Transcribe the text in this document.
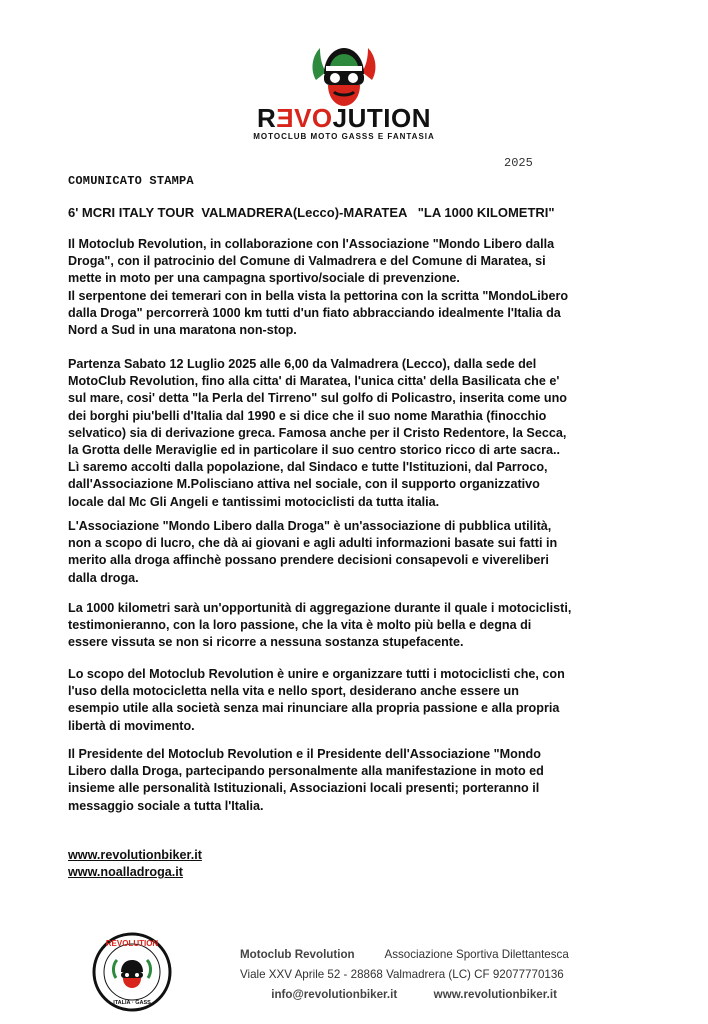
RƎVOJUTION
MOTOCLUB MOTO GASSS E FANTASIA
2025
COMUNICATO STAMPA
6' MCRI ITALY TOUR  VALMADRERA(Lecco)-MARATEA   "LA 1000 KILOMETRI"
Il Motoclub Revolution, in collaborazione con l'Associazione "Mondo Libero dalla
Droga", con il patrocinio del Comune di Valmadrera e del Comune di Maratea, si
mette in moto per una campagna sportivo/sociale di prevenzione.
Il serpentone dei temerari con in bella vista la pettorina con la scritta "MondoLibero
dalla Droga" percorrerà 1000 km tutti d'un fiato abbracciando idealmente l'Italia da
Nord a Sud in una maratona non-stop.
Partenza Sabato 12 Luglio 2025 alle 6,00 da Valmadrera (Lecco), dalla sede del
MotoClub Revolution, fino alla citta' di Maratea, l'unica citta' della Basilicata che e'
sul mare, cosi' detta "la Perla del Tirreno" sul golfo di Policastro, inserita come uno
dei borghi piu'belli d'Italia dal 1990 e si dice che il suo nome Marathia (finocchio
selvatico) sia di derivazione greca. Famosa anche per il Cristo Redentore, la Secca,
la Grotta delle Meraviglie ed in particolare il suo centro storico ricco di arte sacra..
Lì saremo accolti dalla popolazione, dal Sindaco e tutte l'Istituzioni, dal Parroco,
dall'Associazione M.Polisciano attiva nel sociale, con il supporto organizzativo
locale dal Mc Gli Angeli e tantissimi motociclisti da tutta italia.
L'Associazione "Mondo Libero dalla Droga" è un'associazione di pubblica utilità,
non a scopo di lucro, che dà ai giovani e agli adulti informazioni basate sui fatti in
merito alla droga affinchè possano prendere decisioni consapevoli e vivereliberi
dalla droga.
La 1000 kilometri sarà un'opportunità di aggregazione durante il quale i motociclisti,
testimonieranno, con la loro passione, che la vita è molto più bella e degna di
essere vissuta se non si ricorre a nessuna sostanza stupefacente.
Lo scopo del Motoclub Revolution è unire e organizzare tutti i motociclisti che, con
l'uso della motocicletta nella vita e nello sport, desiderano anche essere un
esempio utile alla società senza mai rinunciare alla propria passione e alla propria
libertà di movimento.
Il Presidente del Motoclub Revolution e il Presidente dell'Associazione "Mondo
Libero dalla Droga, partecipando personalmente alla manifestazione in moto ed
insieme alle personalità Istituzionali, Associazioni locali presenti; porteranno il
messaggio sociale a tutta l'Italia.
www.revolutionbiker.it
www.noalladroga.it
REVOLUTION
ITALIA · GASS
Motoclub Revolution	Associazione Sportiva Dilettantesca
Viale XXV Aprile 52 - 28868 Valmadrera (LC) CF 92077770136
info@revolutionbiker.it	www.revolutionbiker.it
